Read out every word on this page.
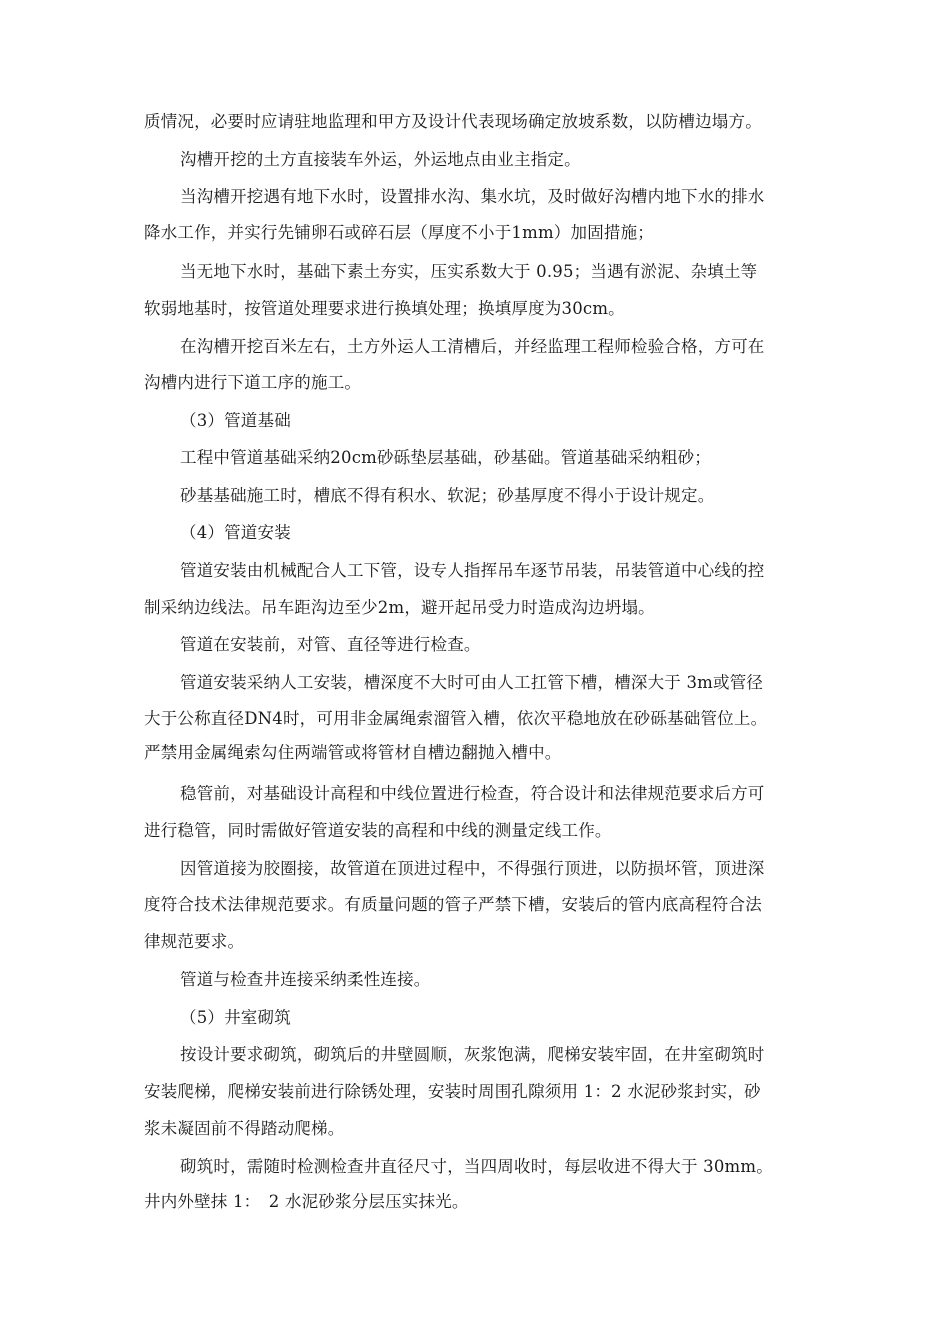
质情况，必要时应请驻地监理和甲方及设计代表现场确定放坡系数，以防槽边塌方。
沟槽开挖的土方直接装车外运，外运地点由业主指定。
当沟槽开挖遇有地下水时，设置排水沟、集水坑，及时做好沟槽内地下水的排水
降水工作，并实行先铺卵石或碎石层（厚度不小于1mm）加固措施；
当无地下水时，基础下素土夯实，压实系数大于 0.95；当遇有淤泥、杂填土等
软弱地基时，按管道处理要求进行换填处理；换填厚度为30cm。
在沟槽开挖百米左右，土方外运人工清槽后，并经监理工程师检验合格，方可在
沟槽内进行下道工序的施工。
（3）管道基础
工程中管道基础采纳20cm砂砾垫层基础，砂基础。管道基础采纳粗砂；
砂基基础施工时，槽底不得有积水、软泥；砂基厚度不得小于设计规定。
（4）管道安装
管道安装由机械配合人工下管，设专人指挥吊车逐节吊装，吊装管道中心线的控
制采纳边线法。吊车距沟边至少2m，避开起吊受力时造成沟边坍塌。
管道在安装前，对管、直径等进行检查。
管道安装采纳人工安装，槽深度不大时可由人工扛管下槽，槽深大于 3m或管径
大于公称直径DN4时，可用非金属绳索溜管入槽，依次平稳地放在砂砾基础管位上。
严禁用金属绳索勾住两端管或将管材自槽边翻抛入槽中。
稳管前，对基础设计高程和中线位置进行检查，符合设计和法律规范要求后方可
进行稳管，同时需做好管道安装的高程和中线的测量定线工作。
因管道接为胶圈接，故管道在顶进过程中，不得强行顶进，以防损坏管，顶进深
度符合技术法律规范要求。有质量问题的管子严禁下槽，安装后的管内底高程符合法
律规范要求。
管道与检查井连接采纳柔性连接。
（5）井室砌筑
按设计要求砌筑，砌筑后的井壁圆顺，灰浆饱满，爬梯安装牢固，在井室砌筑时
安装爬梯，爬梯安装前进行除锈处理，安装时周围孔隙须用 1：2 水泥砂浆封实，砂
浆未凝固前不得踏动爬梯。
砌筑时，需随时检测检查井直径尺寸，当四周收时，每层收进不得大于 30mm。
井内外壁抹 1：　2 水泥砂浆分层压实抹光。
